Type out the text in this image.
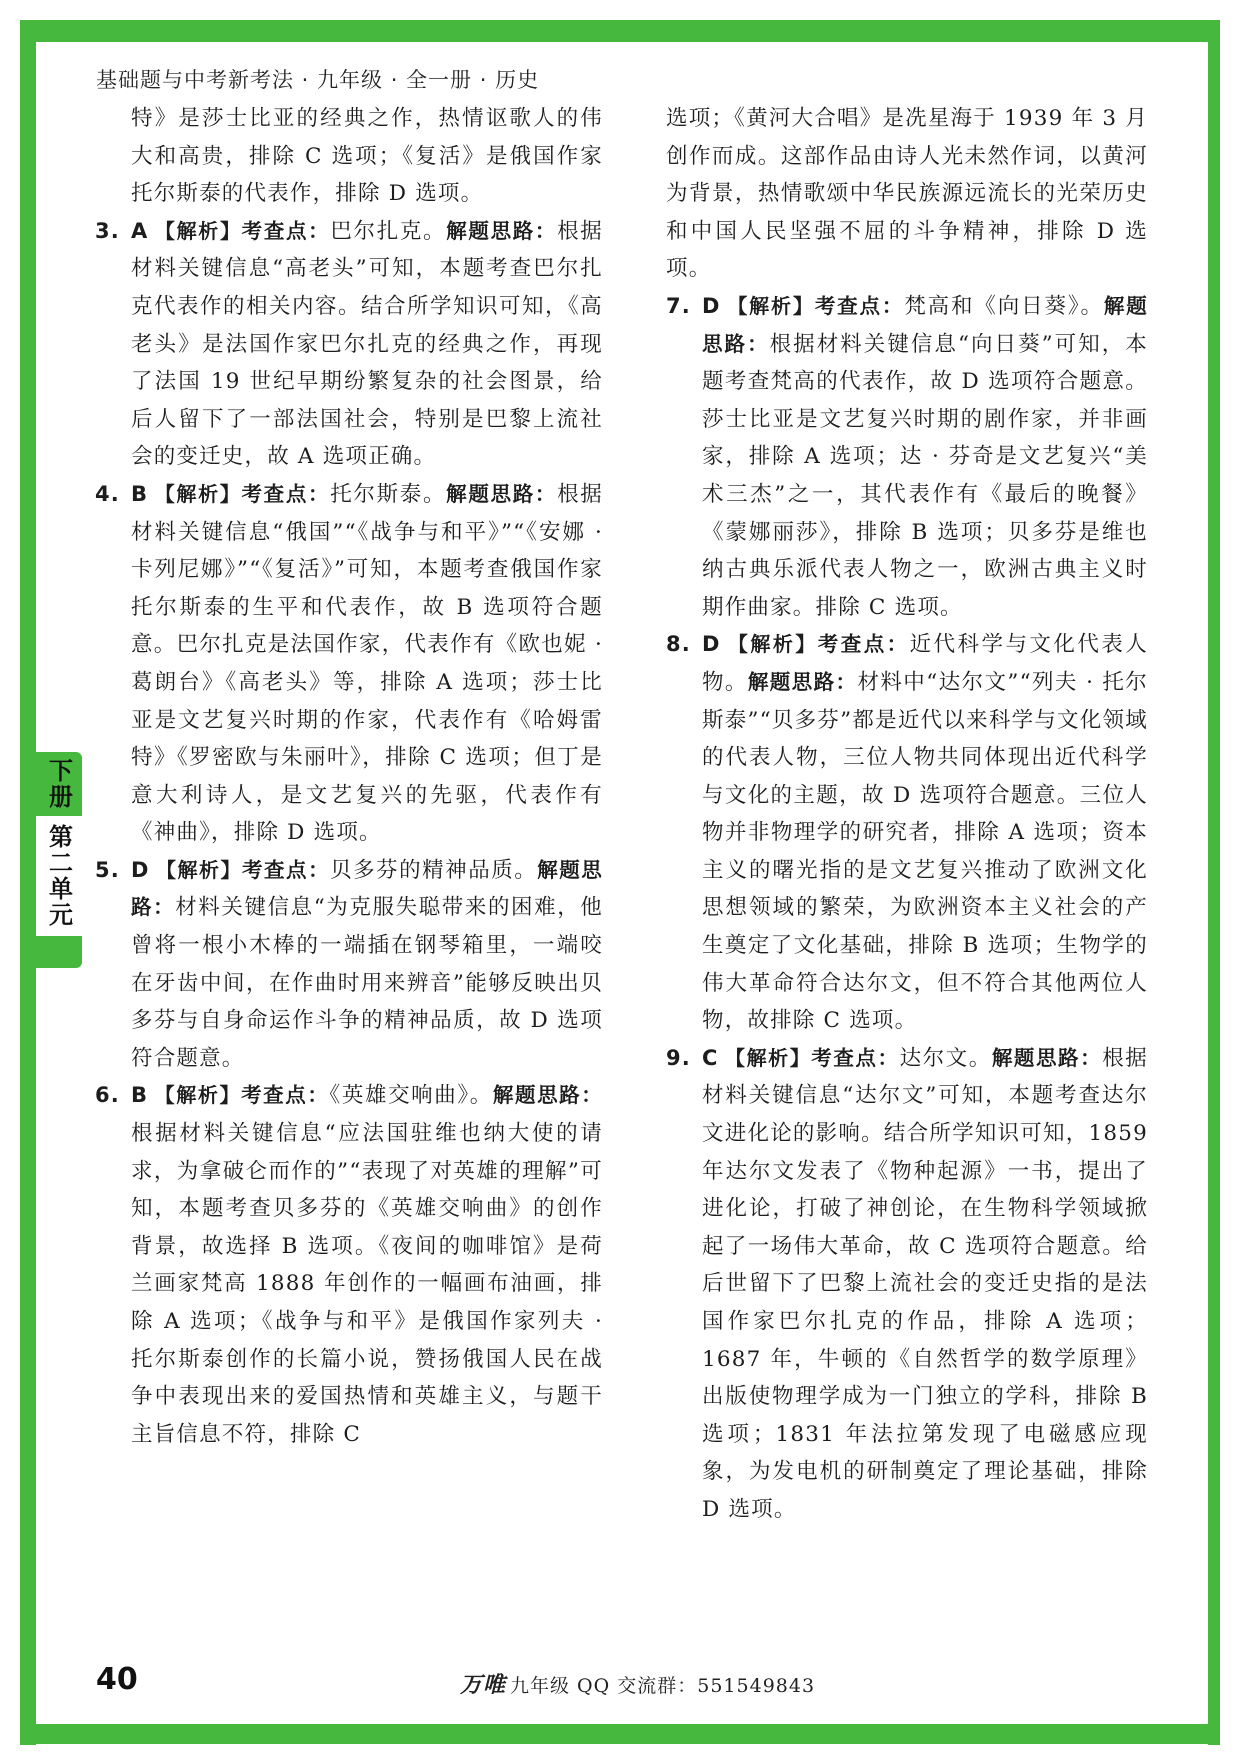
基础题与中考新考法 · 九年级 · 全一册 · 历史
下册
第二单元

特》是莎士比亚的经典之作，热情讴歌人的伟大和高贵，排除 C 选项；《复活》是俄国作家托尔斯泰的代表作，排除 D 选项。

3. A 【解析】考查点：巴尔扎克。解题思路：根据材料关键信息“高老头”可知，本题考查巴尔扎克代表作的相关内容。结合所学知识可知，《高老头》是法国作家巴尔扎克的经典之作，再现了法国 19 世纪早期纷繁复杂的社会图景，给后人留下了一部法国社会，特别是巴黎上流社会的变迁史，故 A 选项正确。

4. B 【解析】考查点：托尔斯泰。解题思路：根据材料关键信息“俄国”“《战争与和平》”“《安娜 · 卡列尼娜》”“《复活》”可知，本题考查俄国作家托尔斯泰的生平和代表作，故 B 选项符合题意。巴尔扎克是法国作家，代表作有《欧也妮 · 葛朗台》《高老头》等，排除 A 选项；莎士比亚是文艺复兴时期的作家，代表作有《哈姆雷特》《罗密欧与朱丽叶》，排除 C 选项；但丁是意大利诗人，是文艺复兴的先驱，代表作有《神曲》，排除 D 选项。

5. D 【解析】考查点：贝多芬的精神品质。解题思路：材料关键信息“为克服失聪带来的困难，他曾将一根小木棒的一端插在钢琴箱里，一端咬在牙齿中间，在作曲时用来辨音”能够反映出贝多芬与自身命运作斗争的精神品质，故 D 选项符合题意。

6. B 【解析】考查点：《英雄交响曲》。解题思路：根据材料关键信息“应法国驻维也纳大使的请求，为拿破仑而作的”“表现了对英雄的理解”可知，本题考查贝多芬的《英雄交响曲》的创作背景，故选择 B 选项。《夜间的咖啡馆》是荷兰画家梵高 1888 年创作的一幅画布油画，排除 A 选项；《战争与和平》是俄国作家列夫 · 托尔斯泰创作的长篇小说，赞扬俄国人民在战争中表现出来的爱国热情和英雄主义，与题干主旨信息不符，排除 C

选项；《黄河大合唱》是冼星海于 1939 年 3 月创作而成。这部作品由诗人光未然作词，以黄河为背景，热情歌颂中华民族源远流长的光荣历史和中国人民坚强不屈的斗争精神，排除 D 选项。

7. D 【解析】考查点：梵高和《向日葵》。解题思路：根据材料关键信息“向日葵”可知，本题考查梵高的代表作，故 D 选项符合题意。莎士比亚是文艺复兴时期的剧作家，并非画家，排除 A 选项；达 · 芬奇是文艺复兴“美术三杰”之一，其代表作有《最后的晚餐》《蒙娜丽莎》，排除 B 选项；贝多芬是维也纳古典乐派代表人物之一，欧洲古典主义时期作曲家。排除 C 选项。

8. D 【解析】考查点：近代科学与文化代表人物。解题思路：材料中“达尔文”“列夫 · 托尔斯泰”“贝多芬”都是近代以来科学与文化领域的代表人物，三位人物共同体现出近代科学与文化的主题，故 D 选项符合题意。三位人物并非物理学的研究者，排除 A 选项；资本主义的曙光指的是文艺复兴推动了欧洲文化思想领域的繁荣，为欧洲资本主义社会的产生奠定了文化基础，排除 B 选项；生物学的伟大革命符合达尔文，但不符合其他两位人物，故排除 C 选项。

9. C 【解析】考查点：达尔文。解题思路：根据材料关键信息“达尔文”可知，本题考查达尔文进化论的影响。结合所学知识可知，1859 年达尔文发表了《物种起源》一书，提出了进化论，打破了神创论，在生物科学领域掀起了一场伟大革命，故 C 选项符合题意。给后世留下了巴黎上流社会的变迁史指的是法国作家巴尔扎克的作品，排除 A 选项；1687 年，牛顿的《自然哲学的数学原理》出版使物理学成为一门独立的学科，排除 B 选项；1831 年法拉第发现了电磁感应现象，为发电机的研制奠定了理论基础，排除 D 选项。

40	万唯 九年级 QQ 交流群：551549843
